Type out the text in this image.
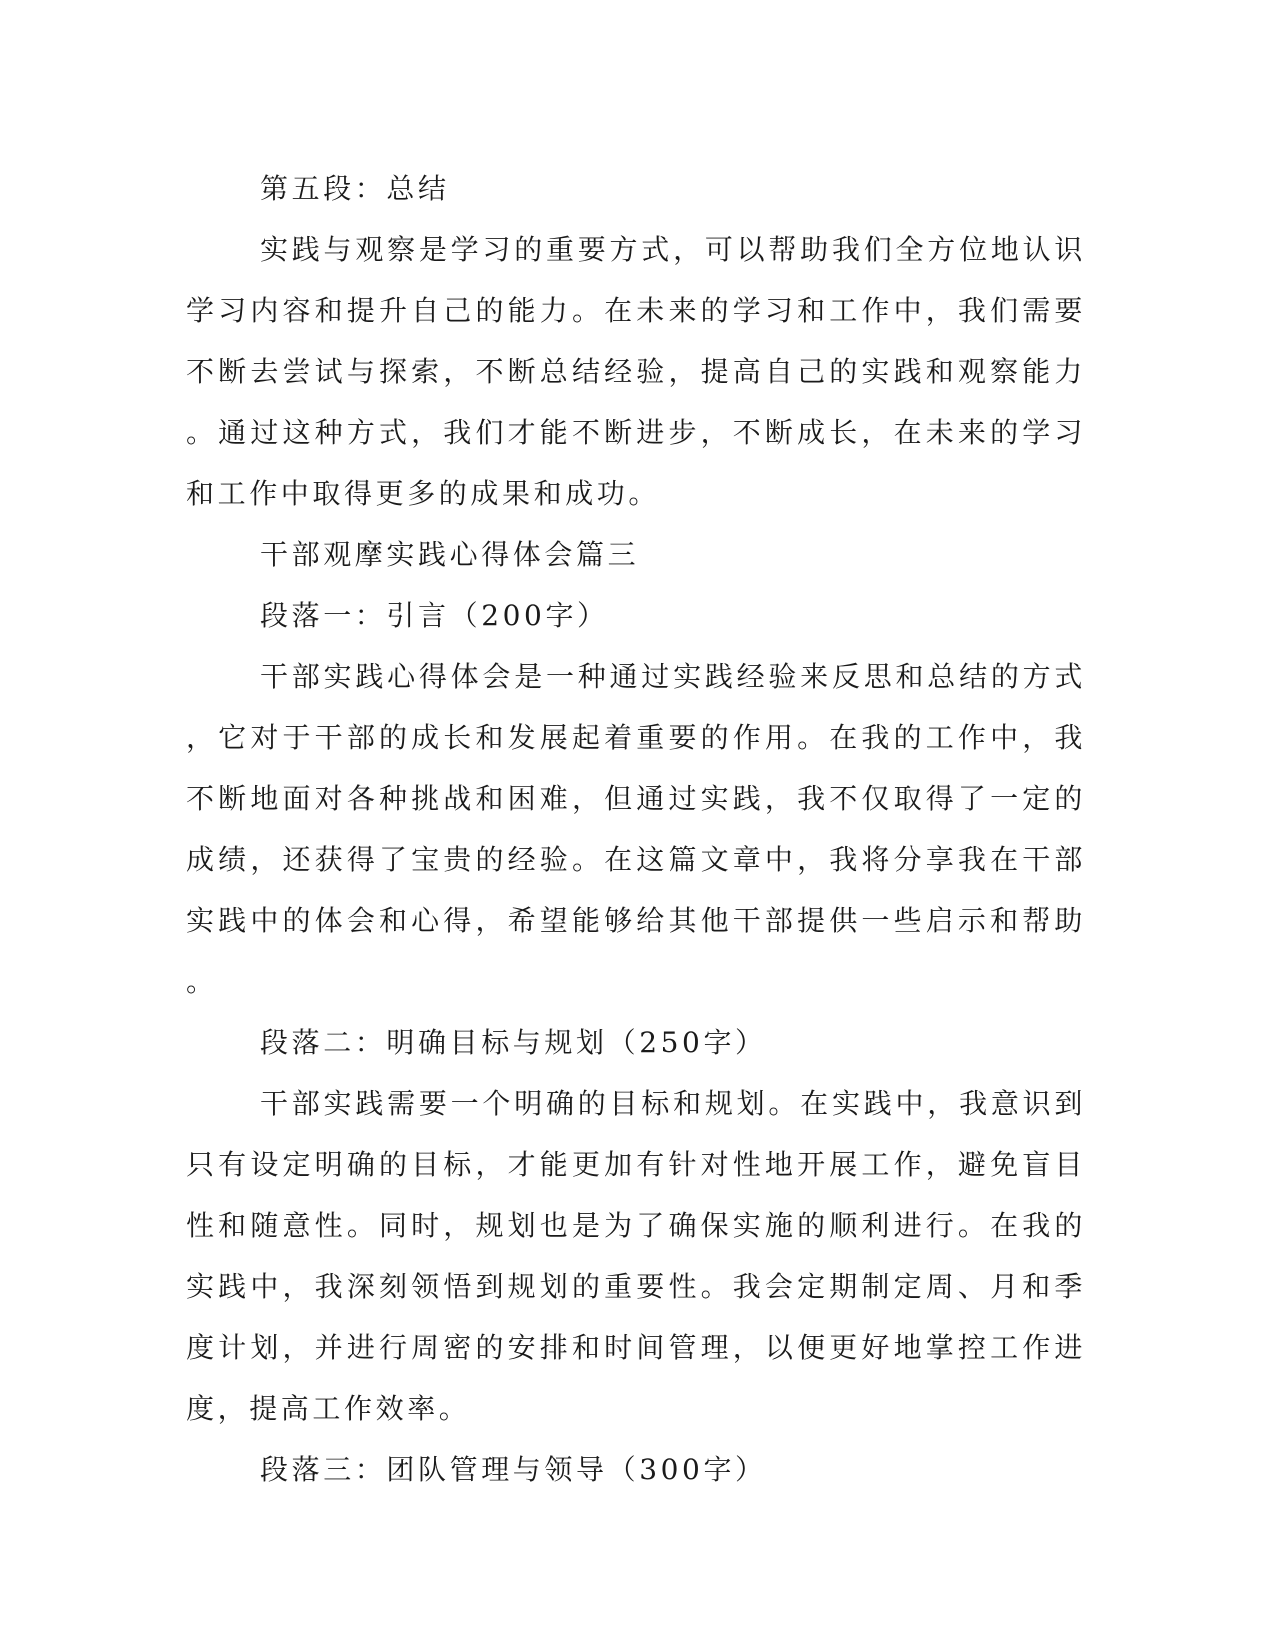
第五段：总结

实践与观察是学习的重要方式，可以帮助我们全方位地认识学习内容和提升自己的能力。在未来的学习和工作中，我们需要不断去尝试与探索，不断总结经验，提高自己的实践和观察能力。通过这种方式，我们才能不断进步，不断成长，在未来的学习和工作中取得更多的成果和成功。

干部观摩实践心得体会篇三

段落一：引言（200字）

干部实践心得体会是一种通过实践经验来反思和总结的方式，它对于干部的成长和发展起着重要的作用。在我的工作中，我不断地面对各种挑战和困难，但通过实践，我不仅取得了一定的成绩，还获得了宝贵的经验。在这篇文章中，我将分享我在干部实践中的体会和心得，希望能够给其他干部提供一些启示和帮助。

段落二：明确目标与规划（250字）

干部实践需要一个明确的目标和规划。在实践中，我意识到只有设定明确的目标，才能更加有针对性地开展工作，避免盲目性和随意性。同时，规划也是为了确保实施的顺利进行。在我的实践中，我深刻领悟到规划的重要性。我会定期制定周、月和季度计划，并进行周密的安排和时间管理，以便更好地掌控工作进度，提高工作效率。

段落三：团队管理与领导（300字）
